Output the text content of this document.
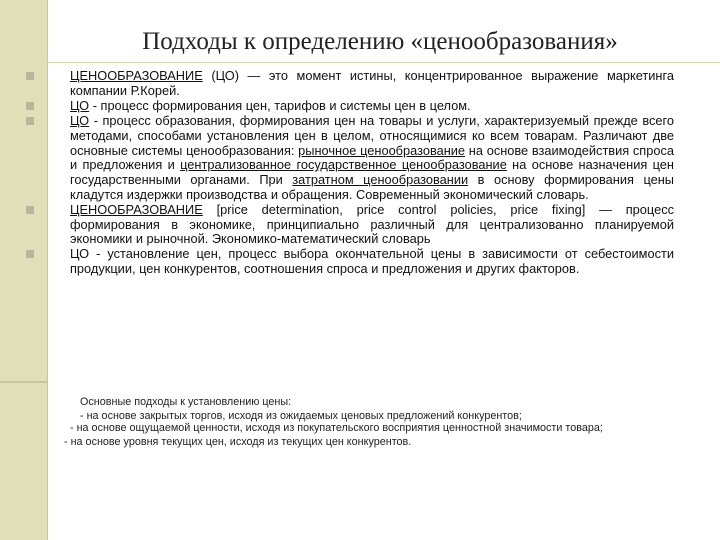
Подходы к определению «ценообразования»
ЦЕНООБРАЗОВАНИЕ (ЦО) — это момент истины, концентрированное выражение маркетинга компании Р.Корей.
ЦО - процесс формирования цен, тарифов и системы цен в целом.
ЦО - процесс образования, формирования цен на товары и услуги, характеризуемый прежде всего методами, способами установления цен в целом, относящимися ко всем товарам. Различают две основные системы ценообразования: рыночное ценообразование на основе взаимодействия спроса и предложения и централизованное государственное ценообразование на основе назначения цен государственными органами. При затратном ценообразовании в основу формирования цены кладутся издержки производства и обращения. Современный экономический словарь.
ЦЕНООБРАЗОВАНИЕ [price determination, price control policies, price fixing] — процесс формирования в экономике, принципиально различный для централизованно планируемой экономики и рыночной. Экономико-математический словарь
ЦО - установление цен, процесс выбора окончательной цены в зависимости от себестоимости продукции, цен конкурентов, соотношения спроса и предложения и других факторов.

Основные подходы к установлению цены:

- на основе закрытых торгов, исходя из ожидаемых ценовых предложений конкурентов;

- на основе ощущаемой ценности, исходя из покупательского восприятия ценностной значимости товара;

- на основе уровня текущих цен, исходя из текущих цен конкурентов.
